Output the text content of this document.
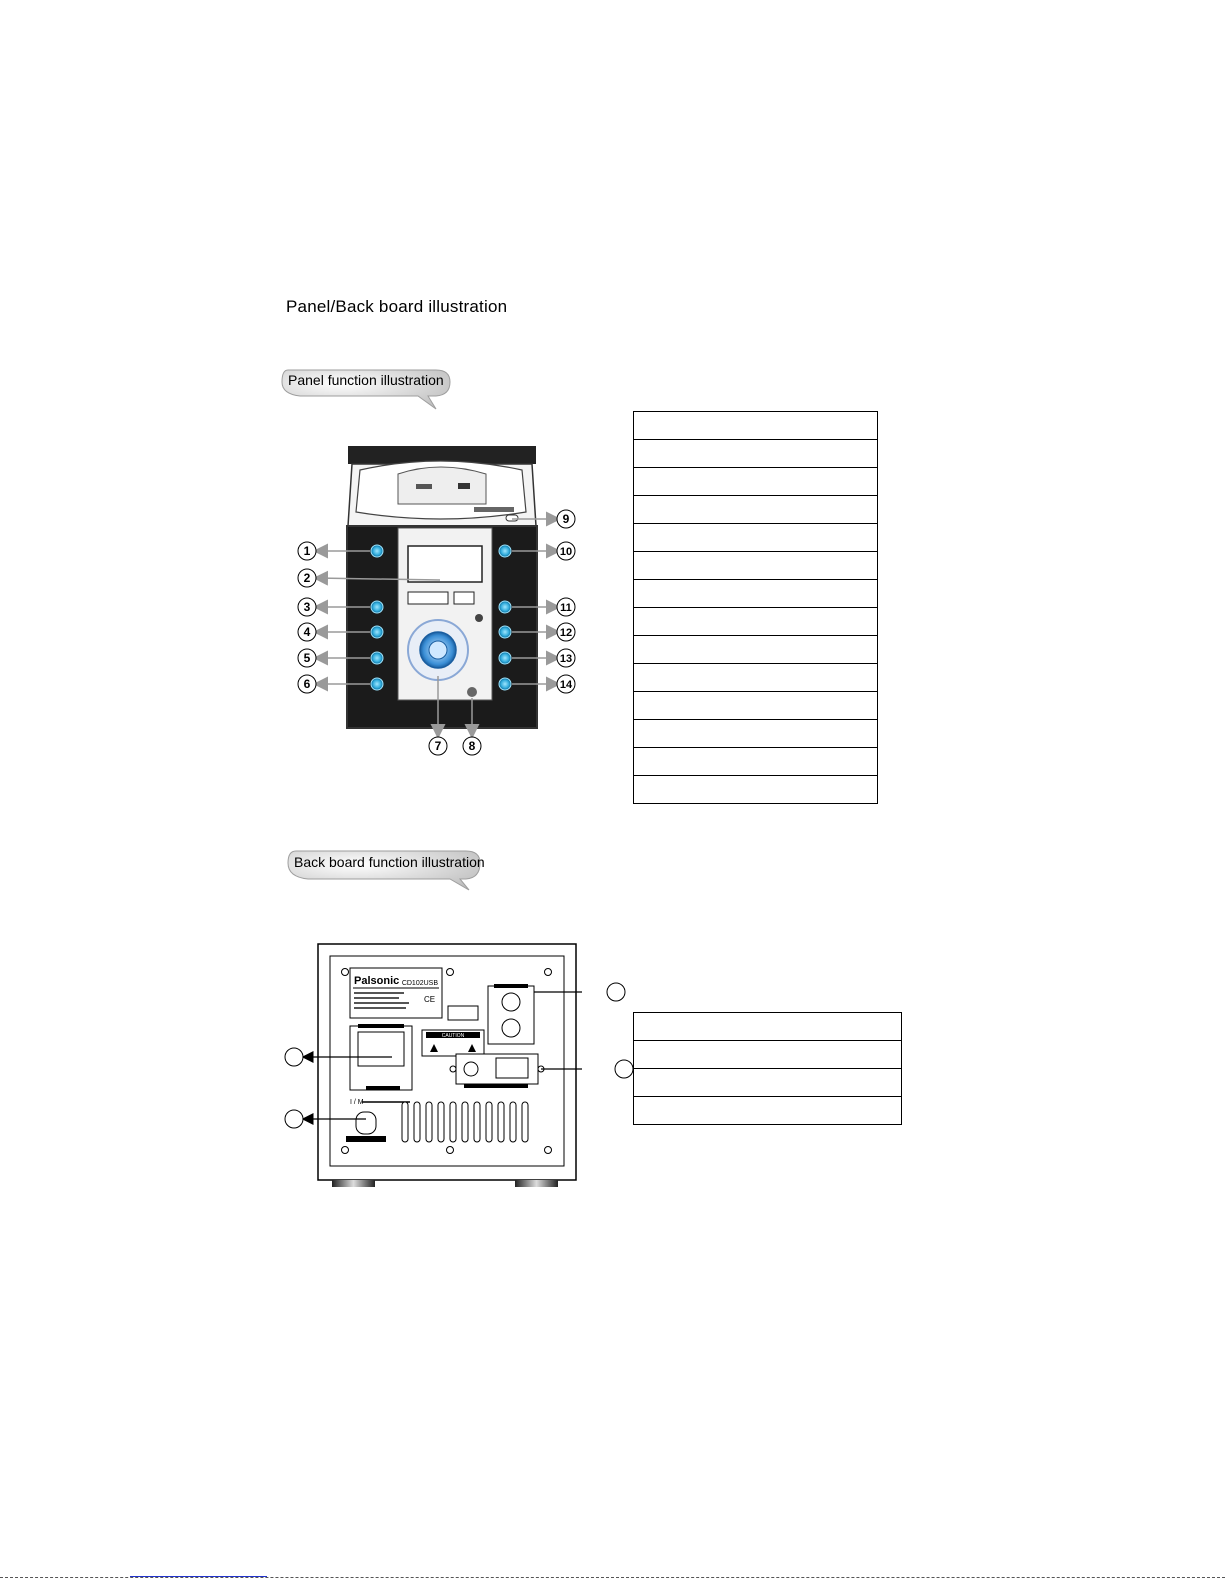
Panel/Back board illustration
Panel function illustration
Back board function illustration
1
2
3
4
5
6
9
10
11
12
13
14
7 8

Palsonic CD102USB
CE
CAUTION
I / M
